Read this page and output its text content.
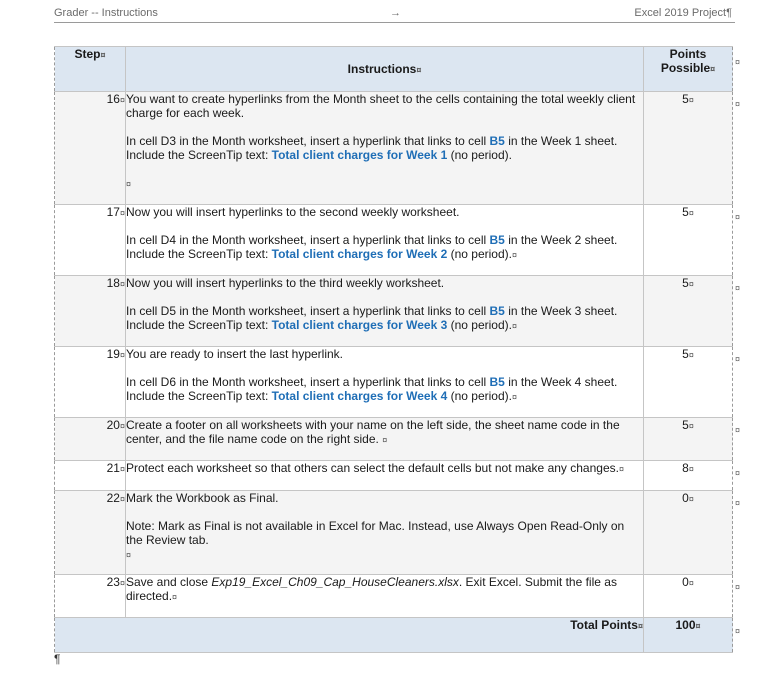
Grader -- Instructions	→	Excel 2019 Project¶
Step¤	Instructions¤	Points
Possible¤
16¤	You want to create hyperlinks from the Month sheet to the cells containing the total weekly client charge for each week.

In cell D3 in the Month worksheet, insert a hyperlink that links to cell B5 in the Week 1 sheet. Include the ScreenTip text: Total client charges for Week 1 (no period).

¤	5¤
17¤	Now you will insert hyperlinks to the second weekly worksheet.

In cell D4 in the Month worksheet, insert a hyperlink that links to cell B5 in the Week 2 sheet. Include the ScreenTip text: Total client charges for Week 2 (no period).¤	5¤
18¤	Now you will insert hyperlinks to the third weekly worksheet.

In cell D5 in the Month worksheet, insert a hyperlink that links to cell B5 in the Week 3 sheet. Include the ScreenTip text: Total client charges for Week 3 (no period).¤	5¤
19¤	You are ready to insert the last hyperlink.

In cell D6 in the Month worksheet, insert a hyperlink that links to cell B5 in the Week 4 sheet. Include the ScreenTip text: Total client charges for Week 4 (no period).¤	5¤
20¤	Create a footer on all worksheets with your name on the left side, the sheet name code in the center, and the file name code on the right side. ¤	5¤
21¤	Protect each worksheet so that others can select the default cells but not make any changes.¤	8¤
22¤	Mark the Workbook as Final.

Note: Mark as Final is not available in Excel for Mac. Instead, use Always Open Read-Only on the Review tab.

¤	0¤
23¤	Save and close Exp19_Excel_Ch09_Cap_HouseCleaners.xlsx. Exit Excel. Submit the file as directed.¤	0¤
Total Points¤		100¤
¤
¤
¤
¤
¤
¤
¤
¤
¤
¤
¶
